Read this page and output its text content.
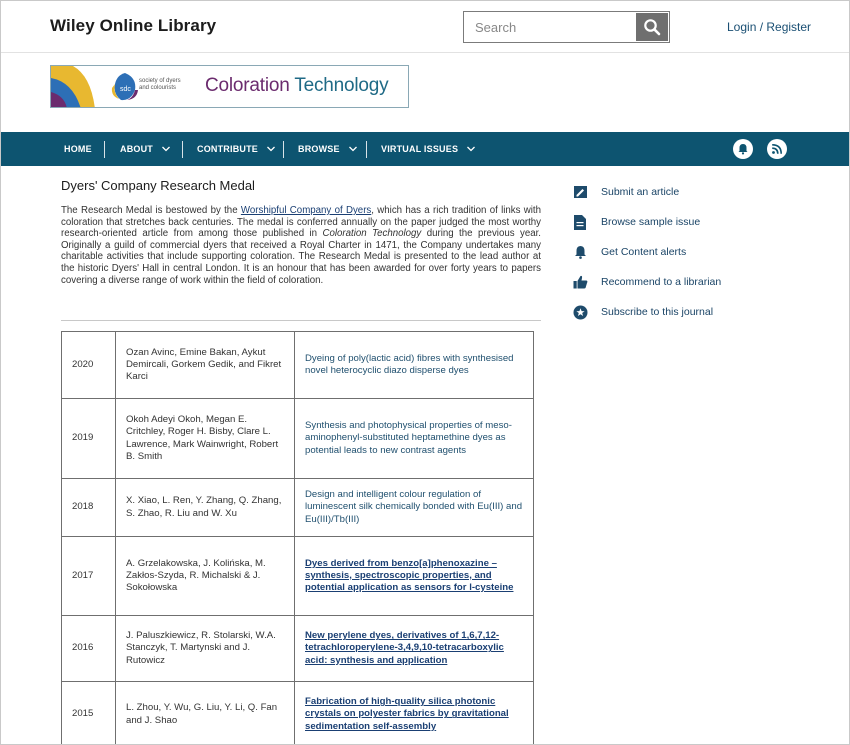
Wiley Online Library
Search	Login / Register
sdc
society of dyers and colourists	Coloration Technology
HOME	ABOUT	CONTRIBUTE	BROWSE	VIRTUAL ISSUES
Dyers' Company Research Medal

The Research Medal is bestowed by the Worshipful Company of Dyers, which has a rich tradition of links with coloration that stretches back centuries. The medal is conferred annually on the paper judged the most worthy research-oriented article from among those published in Coloration Technology during the previous year. Originally a guild of commercial dyers that received a Royal Charter in 1471, the Company undertakes many charitable activities that include supporting coloration. The Research Medal is presented to the lead author at the historic Dyers' Hall in central London. It is an honour that has been awarded for over forty years to papers covering a diverse range of work within the field of coloration.

2020	Ozan Avinc, Emine Bakan, Aykut Demircali, Gorkem Gedik, and Fikret Karci	Dyeing of poly(lactic acid) fibres with synthesised novel heterocyclic diazo disperse dyes
2019	Okoh Adeyi Okoh, Megan E. Critchley, Roger H. Bisby, Clare L. Lawrence, Mark Wainwright, Robert B. Smith	Synthesis and photophysical properties of meso-aminophenyl-substituted heptamethine dyes as potential leads to new contrast agents
2018	X. Xiao, L. Ren, Y. Zhang, Q. Zhang, S. Zhao, R. Liu and W. Xu	Design and intelligent colour regulation of luminescent silk chemically bonded with Eu(III) and Eu(III)/Tb(III)
2017	A. Grzelakowska, J. Kolińska, M. Zakłos-Szyda, R. Michalski & J. Sokołowska	Dyes derived from benzo[a]phenoxazine – synthesis, spectroscopic properties, and potential application as sensors for l-cysteine
2016	J. Paluszkiewicz, R. Stolarski, W.A. Stanczyk, T. Martynski and J. Rutowicz	New perylene dyes, derivatives of 1,6,7,12-tetrachloroperylene-3,4,9,10-tetracarboxylic acid: synthesis and application
2015	L. Zhou, Y. Wu, G. Liu, Y. Li, Q. Fan and J. Shao	Fabrication of high-quality silica photonic crystals on polyester fabrics by gravitational sedimentation self-assembly
Submit an article
Browse sample issue
Get Content alerts
Recommend to a librarian
Subscribe to this journal
